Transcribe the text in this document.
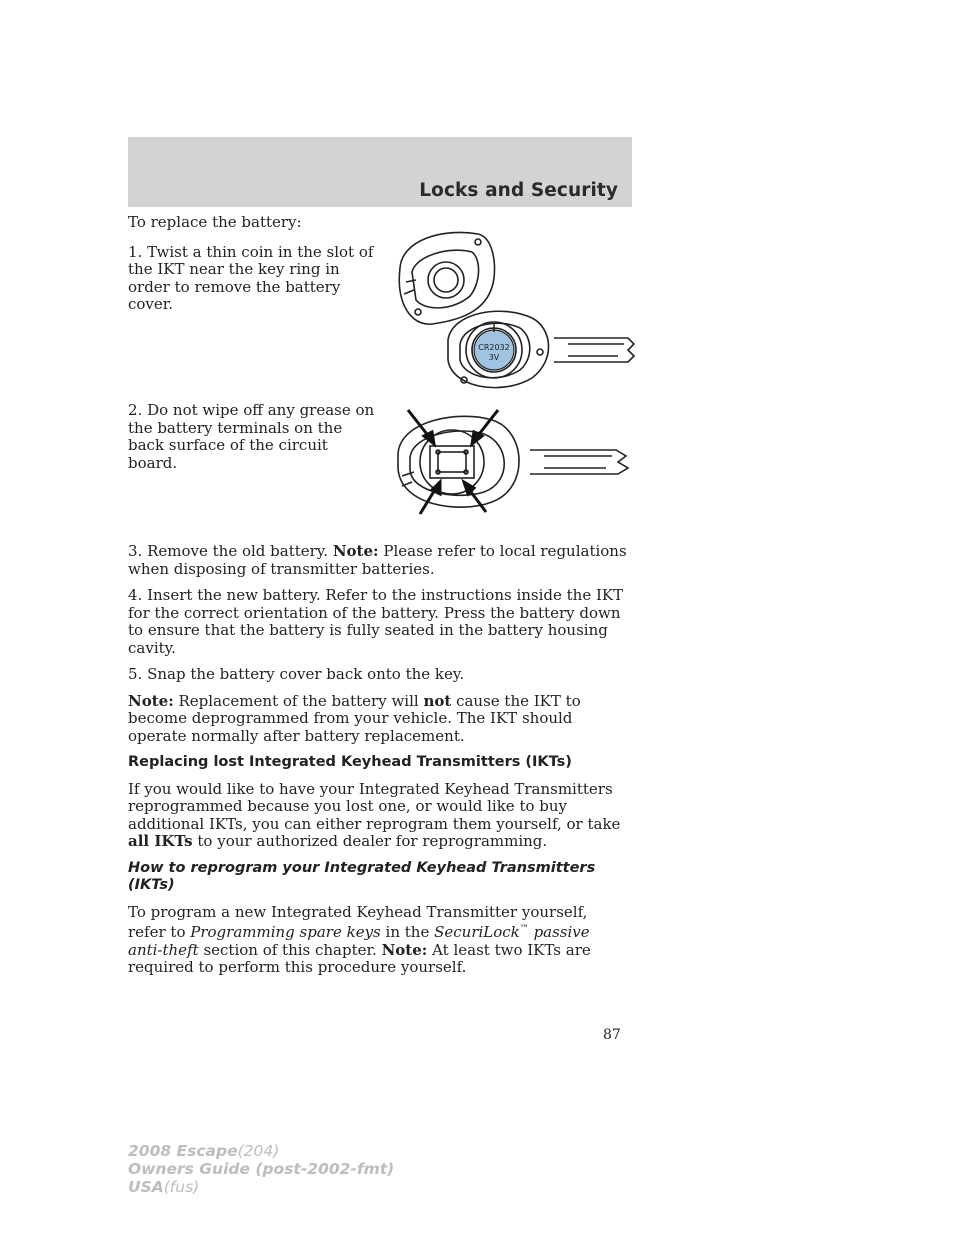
Locks and Security

To replace the battery:

1. Twist a thin coin in the slot of the IKT near the key ring in order to remove the battery cover.

2. Do not wipe off any grease on the battery terminals on the back surface of the circuit board.

+
CR2032
3V

3. Remove the old battery. Note: Please refer to local regulations when disposing of transmitter batteries.

4. Insert the new battery. Refer to the instructions inside the IKT for the correct orientation of the battery. Press the battery down to ensure that the battery is fully seated in the battery housing cavity.

5. Snap the battery cover back onto the key.

Note: Replacement of the battery will not cause the IKT to become deprogrammed from your vehicle. The IKT should operate normally after battery replacement.

Replacing lost Integrated Keyhead Transmitters (IKTs)

If you would like to have your Integrated Keyhead Transmitters reprogrammed because you lost one, or would like to buy additional IKTs, you can either reprogram them yourself, or take all IKTs to your authorized dealer for reprogramming.

How to reprogram your Integrated Keyhead Transmitters (IKTs)

To program a new Integrated Keyhead Transmitter yourself, refer to Programming spare keys in the SecuriLock™ passive anti-theft section of this chapter. Note: At least two IKTs are required to perform this procedure yourself.

87
2008 Escape(204)
Owners Guide (post-2002-fmt)
USA(fus)
